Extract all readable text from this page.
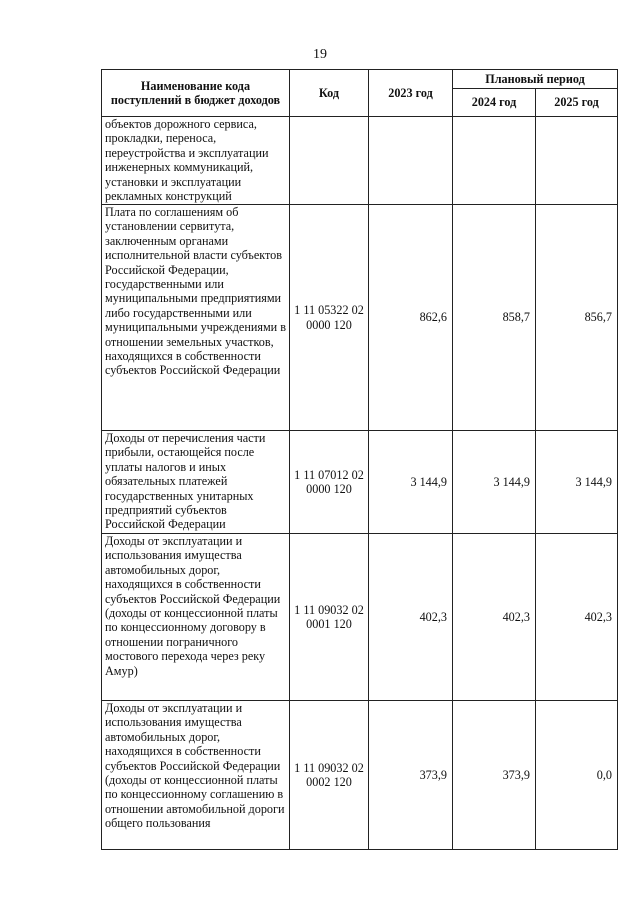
19
Наименование кода поступлений в бюджет доходов	Код	2023 год	Плановый период	
			2024 год	2025 год
объектов дорожного сервиса, прокладки, переноса, переустройства и эксплуатации инженерных коммуникаций, установки и эксплуатации рекламных конструкций				
Плата по соглашениям об установлении сервитута, заключенным органами исполнительной власти субъектов Российской Федерации, государственными или муниципальными предприятиями либо государственными или муниципальными учреждениями в отношении земельных участков, находящихся в собственности субъектов Российской Федерации	1 11 05322 02 0000 120	862,6	858,7	856,7
Доходы от перечисления части прибыли, остающейся после уплаты налогов и иных обязательных платежей государственных унитарных предприятий субъектов Российской Федерации	1 11 07012 02 0000 120	3 144,9	3 144,9	3 144,9
Доходы от эксплуатации и использования имущества автомобильных дорог, находящихся в собственности субъектов Российской Федерации (доходы от концессионной платы по концессионному договору в отношении пограничного мостового перехода через реку Амур)	1 11 09032 02 0001 120	402,3	402,3	402,3
Доходы от эксплуатации и использования имущества автомобильных дорог, находящихся в собственности субъектов Российской Федерации (доходы от концессионной платы по концессионному соглашению в отношении автомобильной дороги общего пользования	1 11 09032 02 0002 120	373,9	373,9	0,0
